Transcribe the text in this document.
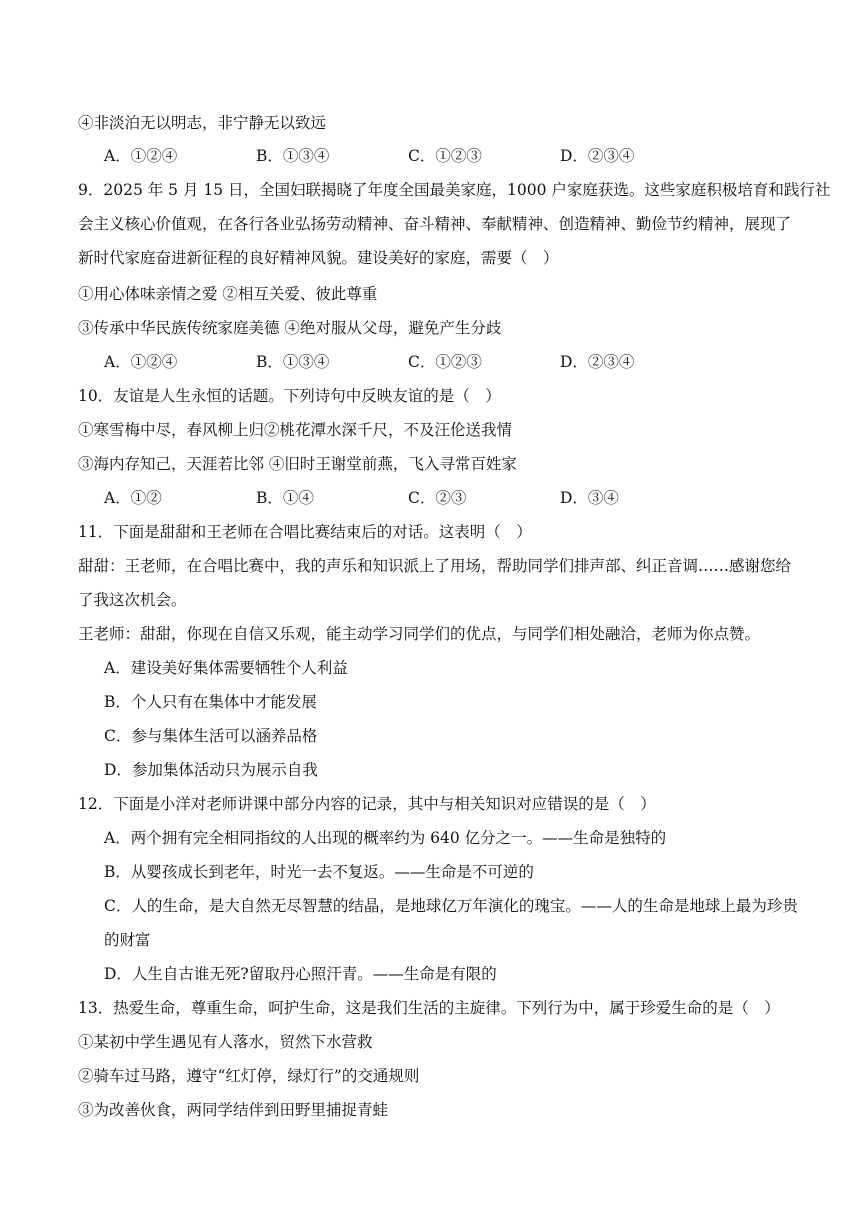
④非淡泊无以明志，非宁静无以致远
A．①②④	B．①③④	C．①②③	D．②③④
9．2025 年 5 月 15 日，全国妇联揭晓了年度全国最美家庭，1000 户家庭获选。这些家庭积极培育和践行社
会主义核心价值观，在各行各业弘扬劳动精神、奋斗精神、奉献精神、创造精神、勤俭节约精神，展现了
新时代家庭奋进新征程的良好精神风貌。建设美好的家庭，需要（　）
①用心体味亲情之爱 ②相互关爱、彼此尊重
③传承中华民族传统家庭美德 ④绝对服从父母，避免产生分歧
A．①②④	B．①③④	C．①②③	D．②③④
10．友谊是人生永恒的话题。下列诗句中反映友谊的是（　）
①寒雪梅中尽，春风柳上归②桃花潭水深千尺，不及汪伦送我情
③海内存知己，天涯若比邻 ④旧时王谢堂前燕，飞入寻常百姓家
A．①②	B．①④	C．②③	D．③④
11．下面是甜甜和王老师在合唱比赛结束后的对话。这表明（　）
甜甜：王老师，在合唱比赛中，我的声乐和知识派上了用场，帮助同学们排声部、纠正音调……感谢您给
了我这次机会。
王老师：甜甜，你现在自信又乐观，能主动学习同学们的优点，与同学们相处融洽，老师为你点赞。
A．建设美好集体需要牺牲个人利益
B．个人只有在集体中才能发展
C．参与集体生活可以涵养品格
D．参加集体活动只为展示自我
12．下面是小洋对老师讲课中部分内容的记录，其中与相关知识对应错误的是（　）
A．两个拥有完全相同指纹的人出现的概率约为 640 亿分之一。——生命是独特的
B．从婴孩成长到老年，时光一去不复返。——生命是不可逆的
C．人的生命，是大自然无尽智慧的结晶，是地球亿万年演化的瑰宝。——人的生命是地球上最为珍贵
的财富
D．人生自古谁无死?留取丹心照汗青。——生命是有限的
13．热爱生命，尊重生命，呵护生命，这是我们生活的主旋律。下列行为中，属于珍爱生命的是（　）
①某初中学生遇见有人落水，贸然下水营救
②骑车过马路，遵守“红灯停，绿灯行”的交通规则
③为改善伙食，两同学结伴到田野里捕捉青蛙
